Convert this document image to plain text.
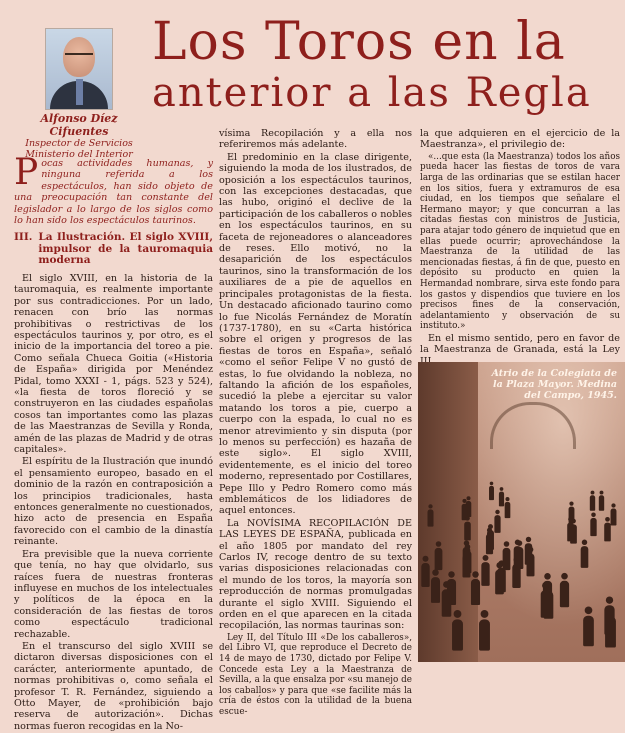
Los Toros en la
anterior a las Regla
Alfonso Díez Cifuentes
Inspector de Servicios
Ministerio del Interior

Pocas actividades humanas, y ninguna referida a los espectáculos, han sido objeto de una preocupación tan constante del legislador a lo largo de los siglos como lo han sido los espectáculos taurinos.

III. La Ilustración. El siglo XVIII, impulsor de la tauromaquia moderna

El siglo XVIII, en la historia de la tauromaquia, es realmente importante por sus contradicciones. Por un lado, renacen con brío las normas prohibitivas o restrictivas de los espectáculos taurinos y, por otro, es el inicio de la importancia del toreo a pie. Como señala Chueca Goitia («Historia de España» dirigida por Menéndez Pidal, tomo XXXI - 1, págs. 523 y 524), «la fiesta de toros floreció y se construyeron en las ciudades españolas cosos tan importantes como las plazas de las Maestranzas de Sevilla y Ronda, amén de las plazas de Madrid y de otras capitales».

El espíritu de la Ilustración que inundó el pensamiento europeo, basado en el dominio de la razón en contraposición a los principios tradicionales, hasta entonces generalmente no cuestionados, hizo acto de presencia en España favorecido con el cambio de la dinastía reinante.

Era previsible que la nueva corriente que tenía, no hay que olvidarlo, sus raíces fuera de nuestras fronteras influyese en muchos de los intelectuales y políticos de la época en la consideración de las fiestas de toros como espectáculo tradicional rechazable.

En el transcurso del siglo XVIII se dictaron diversas disposiciones con el carácter, anteriormente apuntado, de normas prohibitivas o, como señala el profesor T. R. Fernández, siguiendo a Otto Mayer, de «prohibición bajo reserva de autorización». Dichas normas fueron recogidas en la No-

vísima Recopilación y a ella nos referiremos más adelante.

El predominio en la clase dirigente, siguiendo la moda de los ilustrados, de oposición a los espectáculos taurinos, con las excepciones destacadas, que las hubo, originó el declive de la participación de los caballeros o nobles en los espectáculos taurinos, en su faceta de rejoneadores o alanceadores de reses. Ello motivó, no la desaparición de los espectáculos taurinos, sino la transformación de los auxiliares de a pie de aquellos en principales protagonistas de la fiesta. Un destacado aficionado taurino como lo fue Nicolás Fernández de Moratín (1737-1780), en su «Carta histórica sobre el origen y progresos de las fiestas de toros en España», señaló «como el señor Felipe V no gustó de estas, lo fue olvidando la nobleza, no faltando la afición de los españoles, sucedió la plebe a ejercitar su valor matando los toros a pie, cuerpo a cuerpo con la espada, lo cual no es menor atrevimiento y sin disputa (por lo menos su perfección) es hazaña de este siglo». El siglo XVIII, evidentemente, es el inicio del toreo moderno, representado por Costillares, Pepe Illo y Pedro Romero como más emblemáticos de los lidiadores de aquel entonces.

La NOVÍSIMA RECOPILACIÓN DE LAS LEYES DE ESPAÑA, publicada en el año 1805 por mandato del rey Carlos IV, recoge dentro de su texto varias disposiciones relacionadas con el mundo de los toros, la mayoría son reproducción de normas promulgadas durante el siglo XVIII. Siguiendo el orden en el que aparecen en la citada recopilación, las normas taurinas son:

Ley II, del Título III «De los caballeros», del Libro VI, que reproduce el Decreto de 14 de mayo de 1730, dictado por Felipe V. Concede esta Ley a la Maestranza de Sevilla, a la que ensalza por «su manejo de los caballos» y para que «se facilite más la cría de éstos con la utilidad de la buena escue-

la que adquieren en el ejercicio de la Maestranza», el privilegio de:

«...que esta (la Maestranza) todos los años pueda hacer las fiestas de toros de vara larga de las ordinarias que se estilan hacer en los sitios, fuera y extramuros de esa ciudad, en los tiempos que señalare el Hermano mayor; y que concurran a las citadas fiestas con ministros de Justicia, para atajar todo género de inquietud que en ellas puede ocurrir; aprovechándose la Maestranza de la utilidad de las mencionadas fiestas, á fin de que, puesto en depósito su producto en quien la Hermandad nombrare, sirva este fondo para los gastos y dispendios que tuviere en los precisos fines de la conservación, adelantamiento y observación de su instituto.»

En el mismo sentido, pero en favor de la Maestranza de Granada, está la Ley

Atrio de la Colegiata de la Plaza Mayor. Medina del Campo, 1945.
